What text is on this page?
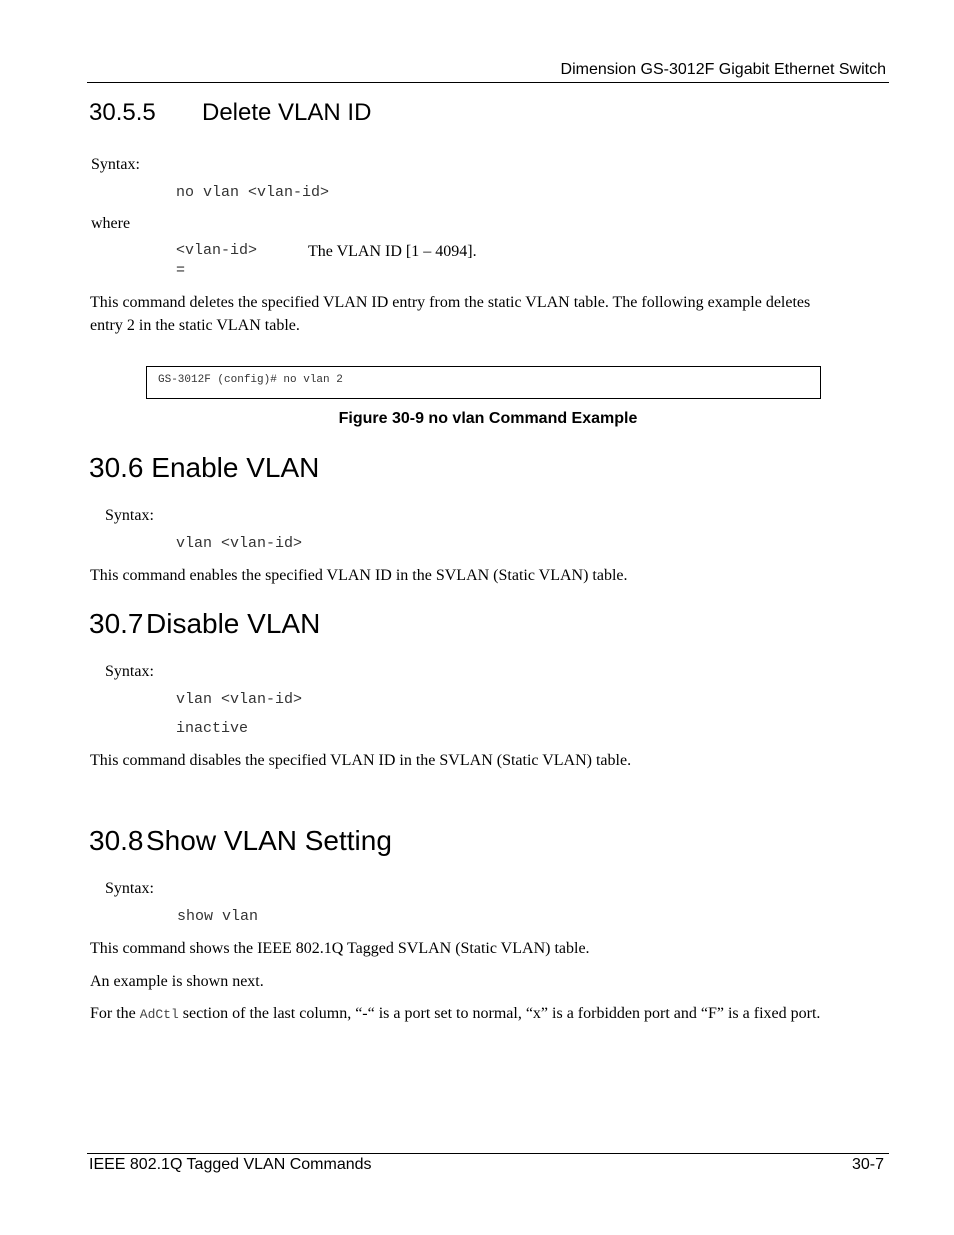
Dimension GS-3012F Gigabit Ethernet Switch
30.5.5 Delete VLAN ID
Syntax:
no vlan <vlan-id>
where
<vlan-id>
=
The VLAN ID [1 – 4094].
This command deletes the specified VLAN ID entry from the static VLAN table. The following example deletes
entry 2 in the static VLAN table.
GS-3012F (config)# no vlan 2
Figure 30-9 no vlan Command Example
30.6 Enable VLAN
Syntax:
vlan <vlan-id>
This command enables the specified VLAN ID in the SVLAN (Static VLAN) table.
30.7 Disable VLAN
Syntax:
vlan <vlan-id>
inactive
This command disables the specified VLAN ID in the SVLAN (Static VLAN) table.
30.8 Show VLAN Setting
Syntax:
show vlan
This command shows the IEEE 802.1Q Tagged SVLAN (Static VLAN) table.
An example is shown next.
For the AdCtl section of the last column, “-“ is a port set to normal, “x” is a forbidden port and “F” is a fixed port.
IEEE 802.1Q Tagged VLAN Commands	30-7
